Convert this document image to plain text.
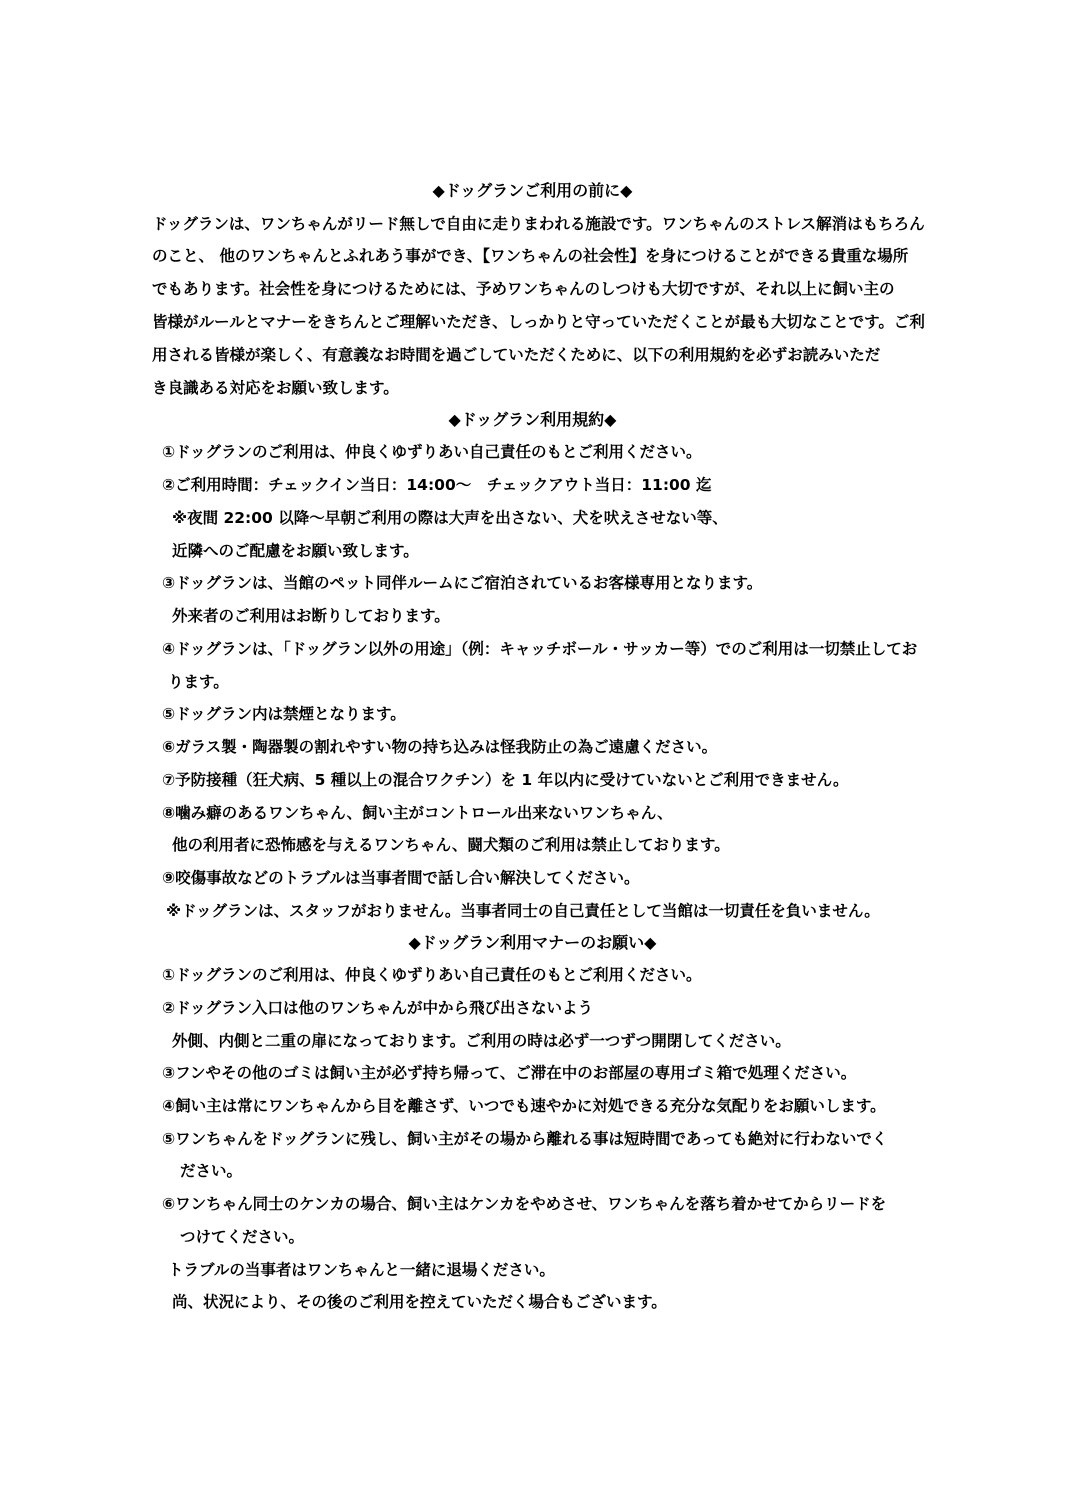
◆ドッグランご利用の前に◆
ドッグランは、ワンちゃんがリード無しで自由に走りまわれる施設です。ワンちゃんのストレス解消はもちろん
のこと、 他のワンちゃんとふれあう事ができ、【ワンちゃんの社会性】を身につけることができる貴重な場所
でもあります。社会性を身につけるためには、予めワンちゃんのしつけも大切ですが、それ以上に飼い主の
皆様がルールとマナーをきちんとご理解いただき、しっかりと守っていただくことが最も大切なことです。ご利
用される皆様が楽しく、有意義なお時間を過ごしていただくために、以下の利用規約を必ずお読みいただ
き良識ある対応をお願い致します。
◆ドッグラン利用規約◆
①ドッグランのご利用は、仲良くゆずりあい自己責任のもとご利用ください。
②ご利用時間：チェックイン当日：14:00～　チェックアウト当日：11:00 迄
※夜間 22:00 以降～早朝ご利用の際は大声を出さない、犬を吠えさせない等、
近隣へのご配慮をお願い致します。
③ドッグランは、当館のペット同伴ルームにご宿泊されているお客様専用となります。
外来者のご利用はお断りしております。
④ドッグランは、「ドッグラン以外の用途」（例：キャッチボール・サッカー等）でのご利用は一切禁止してお
ります。
⑤ドッグラン内は禁煙となります。
⑥ガラス製・陶器製の割れやすい物の持ち込みは怪我防止の為ご遠慮ください。
⑦予防接種（狂犬病、5 種以上の混合ワクチン）を 1 年以内に受けていないとご利用できません。
⑧噛み癖のあるワンちゃん、飼い主がコントロール出来ないワンちゃん、
他の利用者に恐怖感を与えるワンちゃん、闘犬類のご利用は禁止しております。
⑨咬傷事故などのトラブルは当事者間で話し合い解決してください。
※ドッグランは、スタッフがおりません。当事者同士の自己責任として当館は一切責任を負いません。
◆ドッグラン利用マナーのお願い◆
①ドッグランのご利用は、仲良くゆずりあい自己責任のもとご利用ください。
②ドッグラン入口は他のワンちゃんが中から飛び出さないよう
外側、内側と二重の扉になっております。ご利用の時は必ず一つずつ開閉してください。
③フンやその他のゴミは飼い主が必ず持ち帰って、ご滞在中のお部屋の専用ゴミ箱で処理ください。
④飼い主は常にワンちゃんから目を離さず、いつでも速やかに対処できる充分な気配りをお願いします。
⑤ワンちゃんをドッグランに残し、飼い主がその場から離れる事は短時間であっても絶対に行わないでく
ださい。
⑥ワンちゃん同士のケンカの場合、飼い主はケンカをやめさせ、ワンちゃんを落ち着かせてからリードを
つけてください。
トラブルの当事者はワンちゃんと一緒に退場ください。
尚、状況により、その後のご利用を控えていただく場合もございます。
